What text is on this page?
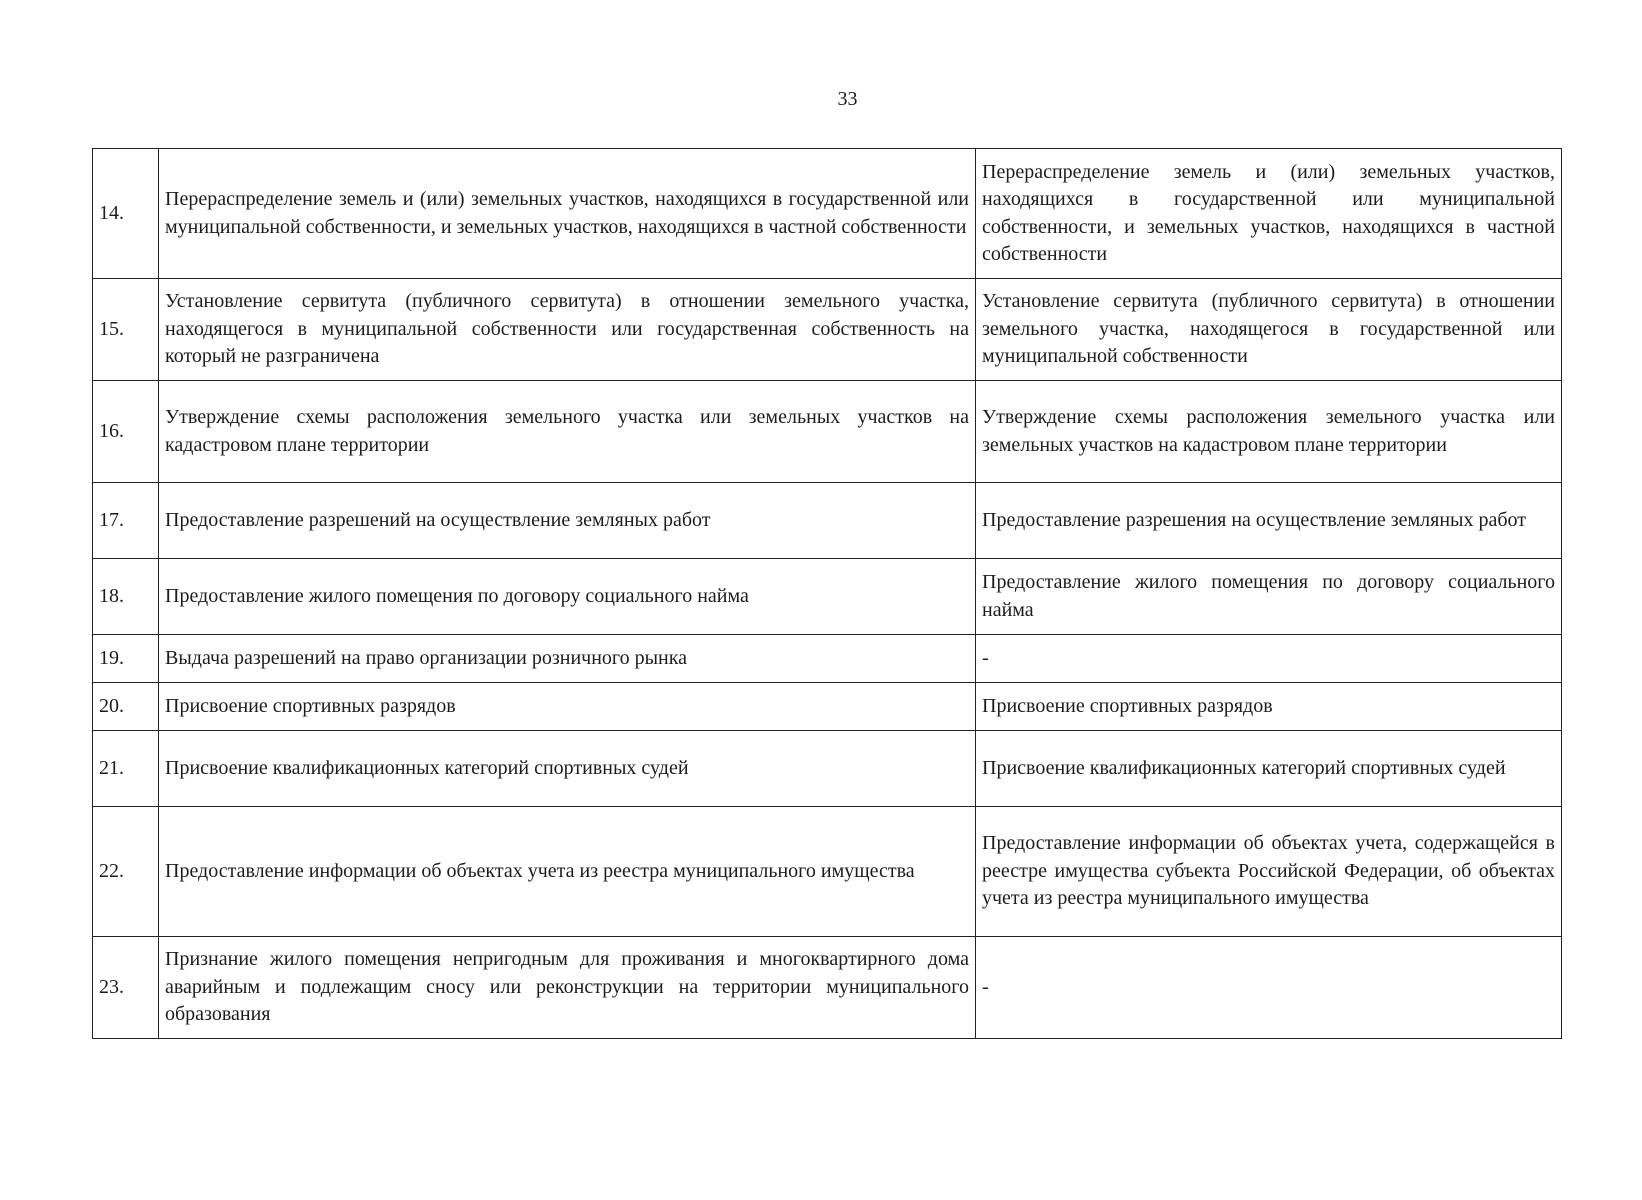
33
14.	Перераспределение земель и (или) земельных участков, находящихся в государственной или муниципальной собственности, и земельных участков, находящихся в частной собственности	Перераспределение земель и (или) земельных участков, находящихся в государственной или муниципальной собственности, и земельных участков, находящихся в частной собственности
15.	Установление сервитута (публичного сервитута) в отношении земельного участка, находящегося в муниципальной собственности или государственная собственность на который не разграничена	Установление сервитута (публичного сервитута) в отношении земельного участка, находящегося в государственной или муниципальной собственности
16.	Утверждение схемы расположения земельного участка или земельных участков на кадастровом плане территории	Утверждение схемы расположения земельного участка или земельных участков на кадастровом плане территории
17.	Предоставление разрешений на осуществление земляных работ	Предоставление разрешения на осуществление земляных работ
18.	Предоставление жилого помещения по договору социального найма	Предоставление жилого помещения по договору социального найма
19.	Выдача разрешений на право организации розничного рынка	-
20.	Присвоение спортивных разрядов	Присвоение спортивных разрядов
21.	Присвоение квалификационных категорий спортивных судей	Присвоение квалификационных категорий спортивных судей
22.	Предоставление информации об объектах учета из реестра муниципального имущества	Предоставление информации об объектах учета, содержащейся в реестре имущества субъекта Российской Федерации, об объектах учета из реестра муниципального имущества
23.	Признание жилого помещения непригодным для проживания и многоквартирного дома аварийным и подлежащим сносу или реконструкции на территории муниципального образования	-
